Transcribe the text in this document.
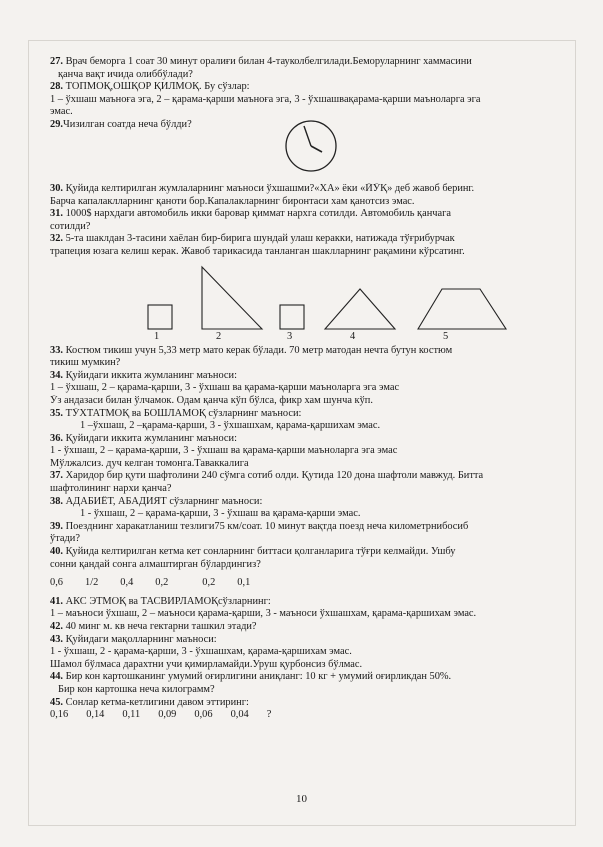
27. Врач беморга 1 соат 30 минут оралиғи билан 4-тауколбелгилади.Беморуларнинг хаммасини
қанча вақт ичида олиббўлади?
28. ТОПМОҚ,ОШҚОР ҚИЛМОҚ. Бу сўзлар:
1 – ўхшаш маъноға эга, 2 – қарама-қарши маъноға эга, 3 - ўхшашвақарама-қарши маъноларга эга
эмас.
29.Чизилган соатда неча бўлди?
30. Қуйида келтирилган жумлаларнинг маъноси ўхшашми?«ХА» ёки «ЙЎҚ» деб жавоб беринг.
Барча капалаклларнинг қаноти бор.Капалакларнинг биронтаси хам қанотсиз эмас.
31. 1000$ нархдаги автомобиль икки баровар қиммат нархга сотилди. Автомобиль қанчага
сотилди?
32. 5-та шаклдан 3-тасини хаёлан бир-бирига шундай улаш керакки, натижада тўғрибурчак
трапеция юзага келиш керак. Жавоб тарикасида танланган шаклларнинг рақамини кўрсатинг.
1	2	3	4	5
33. Костюм тикиш учун 5,33 метр мато керак бўлади. 70 метр матодан нечта бутун костюм
тикиш мумкин?
34. Қуйидаги иккита жумланинг маъноси:
1 – ўхшаш, 2 – қарама-қарши, 3 - ўхшаш ва қарама-қарши маъноларга эга эмас
Ўз андазаси билан ўлчамок. Одам қанча кўп бўлса, фикр хам шунча кўп.
35. ТЎХТАТМОҚ ва БОШЛАМОҚ сўзларнинг маъноси:
1 –ўхшаш, 2 –қарама-қарши, 3 - ўхшашхам, қарама-қаршихам эмас.
36. Қуйидаги иккита жумланинг маъноси:
1 - ўхшаш, 2 – қарама-қарши, 3 - ўхшаш ва қарама-қарши маъноларга эга эмас
Мўлжалсиз. дуч келган томонга.Таваккалига
37. Харидор бир қути шафтолини 240 сўмга сотиб олди. Қутида 120 дона шафтоли мавжуд. Битта
шафтолининг нархи қанча?
38. АДАБИЁТ, АБАДИЯТ сўзларнинг маъноси:
1 - ўхшаш, 2 – қарама-қарши, 3 - ўхшаш ва қарама-қарши эмас.
39. Поезднинг харакатланиш тезлиги75 км/соат. 10 минут вақтда поезд неча километрнибосиб
ўтади?
40. Қуйида келтирилган кетма кет сонларнинг биттаси қолганларига тўғри келмайди. Ушбу
сонни қандай сонга алмаштирган бўлардингиз?
0,6 1/2 0,4 0,2	0,2 0,1
41. АКС ЭТМОҚ ва ТАСВИРЛАМОҚсўзларнинг:
1 – маъноси ўхшаш, 2 – маъноси қарама-қарши, 3 - маъноси ўхшашхам, қарама-қаршихам эмас.
42. 40 минг м. кв неча гектарни ташкил этади?
43. Қуйидаги мақолларнинг маъноси:
1 - ўхшаш, 2 - қарама-қарши, 3 - ўхшашхам, қарама-қаршихам эмас.
Шамол бўлмаса дарахтни учи қимирламайди.Уруш қурбонсиз бўлмас.
44. Бир кон картошканинг умумий оғирлигини аниқланг: 10 кг + умумий оғирликдан 50%.
Бир кон картошка неча килограмм?
45. Сонлар кетма-кетлигини давом эттиринг:
0,16 0,14 0,11 0,09 0,06 0,04 ?
10
